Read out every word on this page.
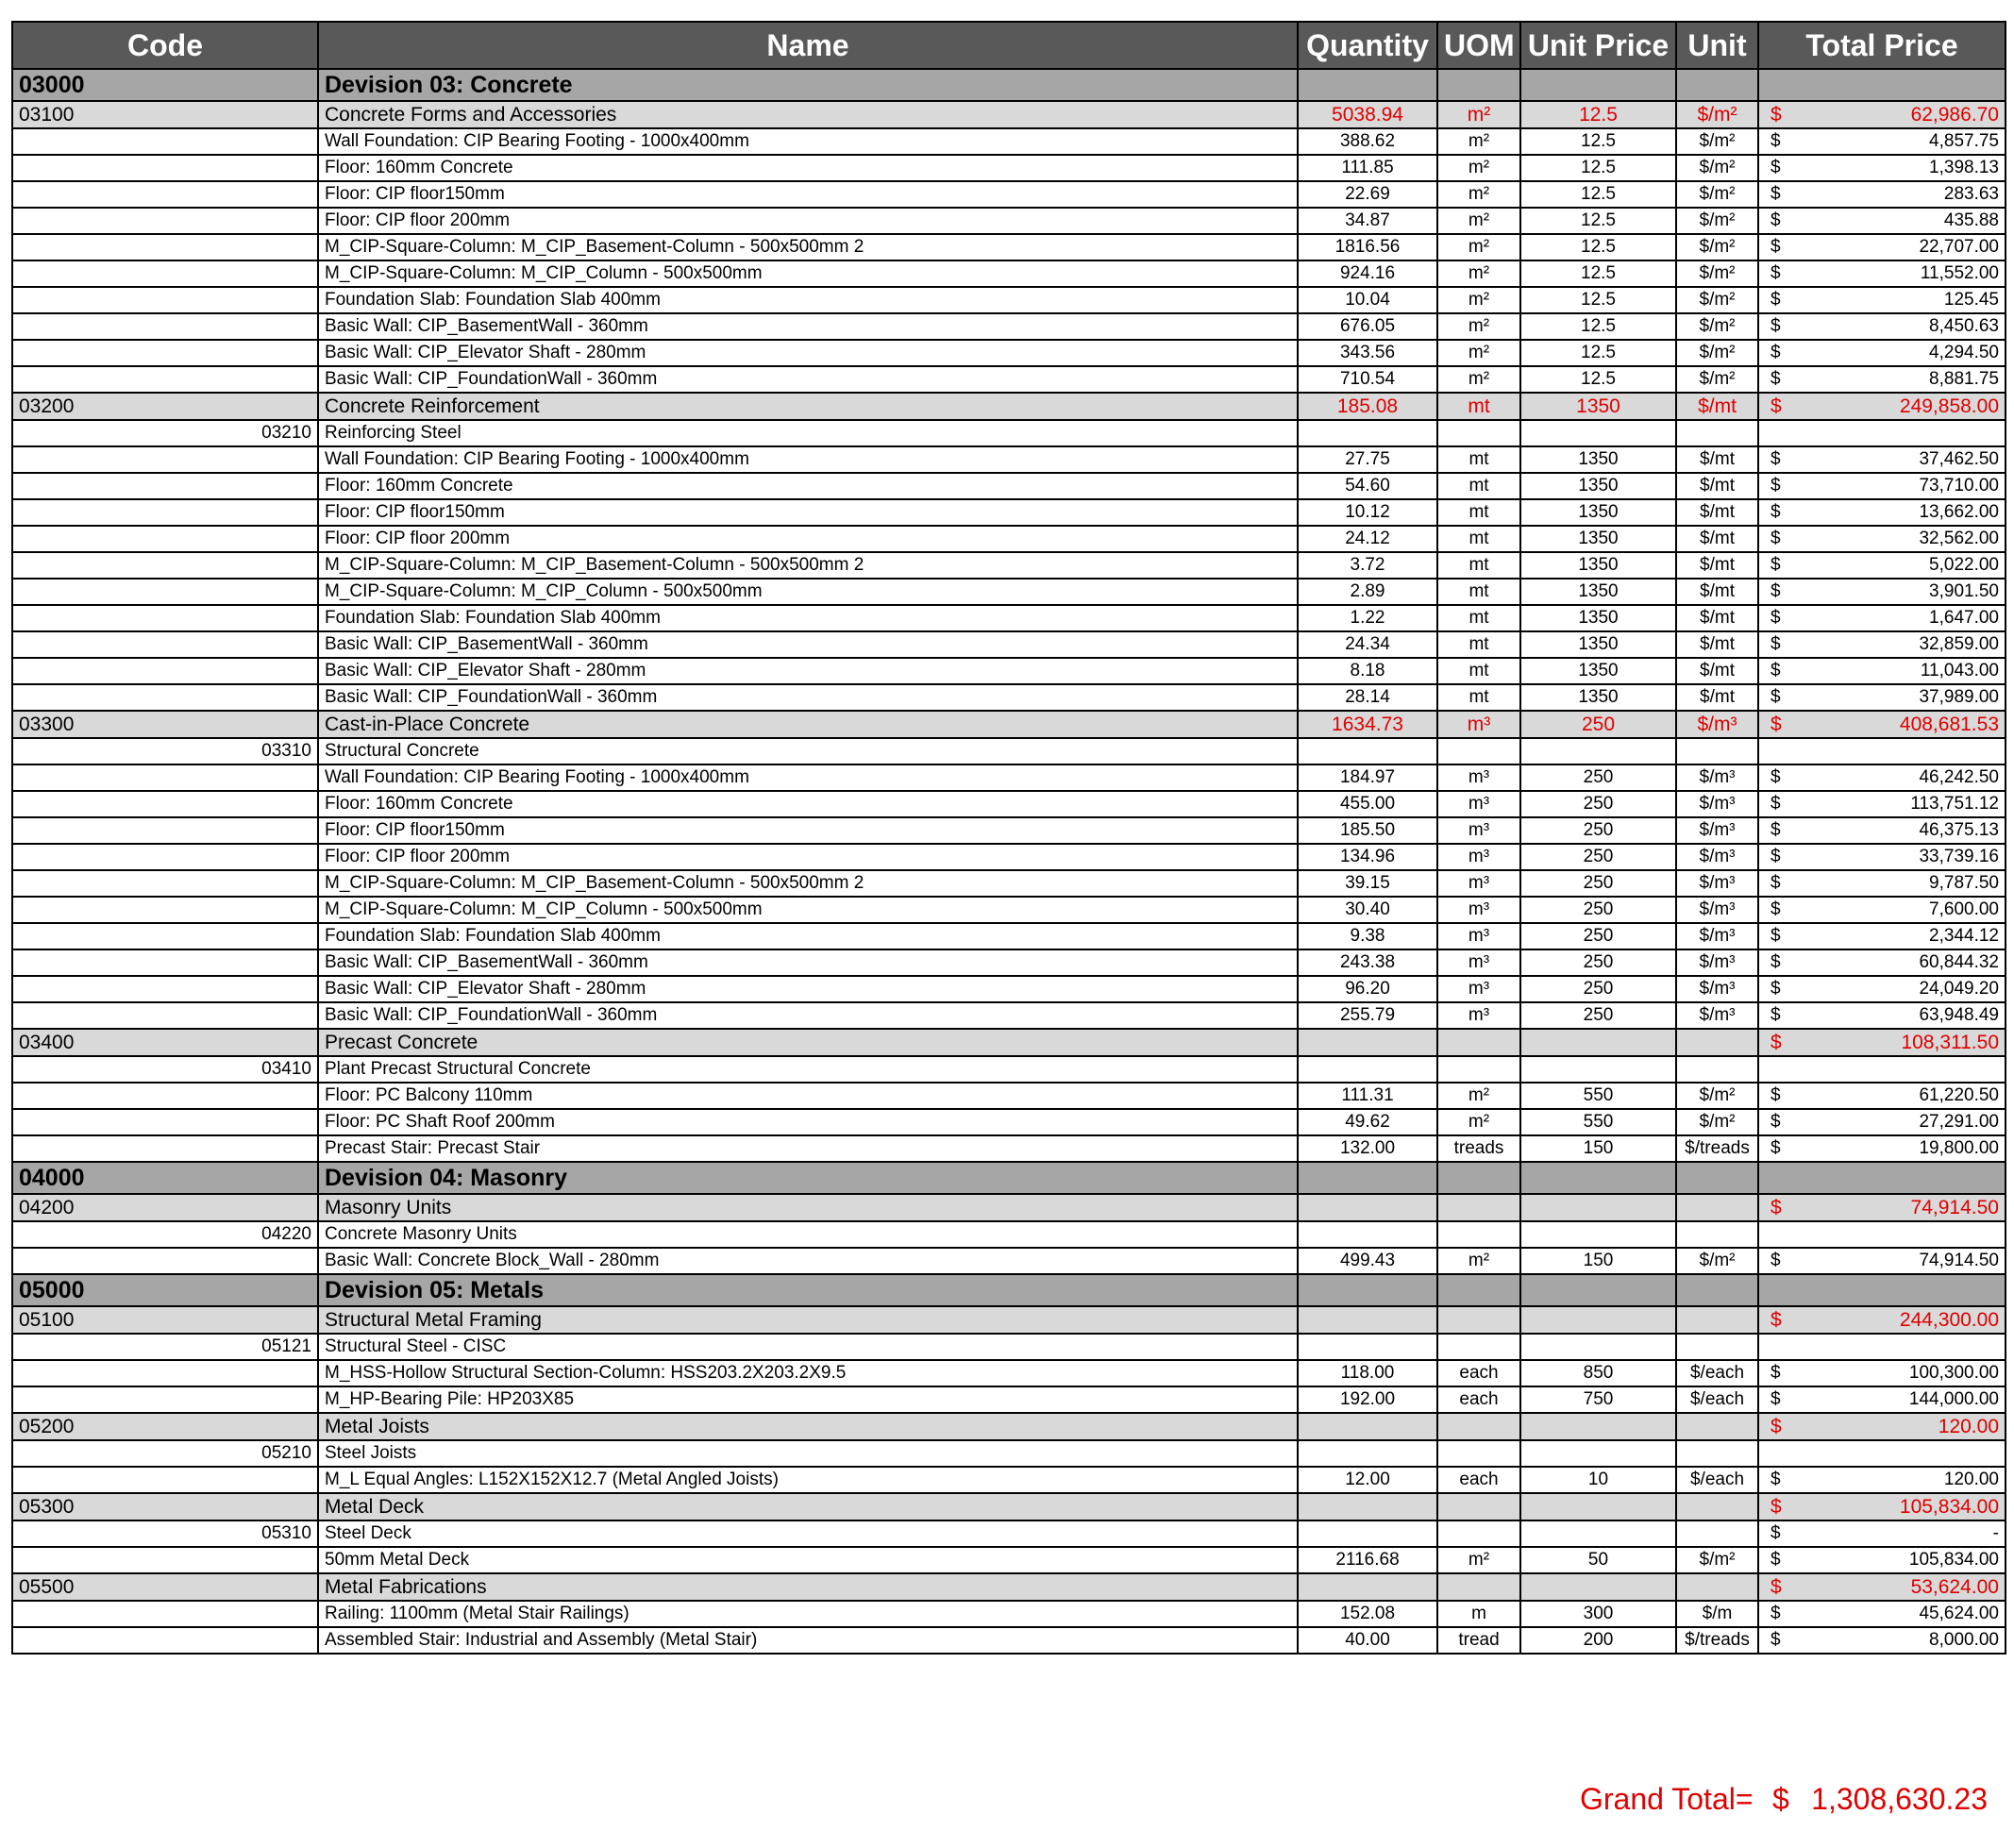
Code	Name	Quantity	UOM	Unit Price	Unit	Total Price
03000	Devision 03: Concrete					
03100	Concrete Forms and Accessories	5038.94	m²	12.5	$/m²	$ 62,986.70
	Wall Foundation: CIP Bearing Footing - 1000x400mm	388.62	m²	12.5	$/m²	$ 4,857.75
	Floor: 160mm Concrete	111.85	m²	12.5	$/m²	$ 1,398.13
	Floor: CIP floor150mm	22.69	m²	12.5	$/m²	$ 283.63
	Floor: CIP floor 200mm	34.87	m²	12.5	$/m²	$ 435.88
	M_CIP-Square-Column: M_CIP_Basement-Column - 500x500mm 2	1816.56	m²	12.5	$/m²	$ 22,707.00
	M_CIP-Square-Column: M_CIP_Column - 500x500mm	924.16	m²	12.5	$/m²	$ 11,552.00
	Foundation Slab: Foundation Slab 400mm	10.04	m²	12.5	$/m²	$ 125.45
	Basic Wall: CIP_BasementWall - 360mm	676.05	m²	12.5	$/m²	$ 8,450.63
	Basic Wall: CIP_Elevator Shaft - 280mm	343.56	m²	12.5	$/m²	$ 4,294.50
	Basic Wall: CIP_FoundationWall - 360mm	710.54	m²	12.5	$/m²	$ 8,881.75
03200	Concrete Reinforcement	185.08	mt	1350	$/mt	$ 249,858.00
03210	Reinforcing Steel					
	Wall Foundation: CIP Bearing Footing - 1000x400mm	27.75	mt	1350	$/mt	$ 37,462.50
	Floor: 160mm Concrete	54.60	mt	1350	$/mt	$ 73,710.00
	Floor: CIP floor150mm	10.12	mt	1350	$/mt	$ 13,662.00
	Floor: CIP floor 200mm	24.12	mt	1350	$/mt	$ 32,562.00
	M_CIP-Square-Column: M_CIP_Basement-Column - 500x500mm 2	3.72	mt	1350	$/mt	$ 5,022.00
	M_CIP-Square-Column: M_CIP_Column - 500x500mm	2.89	mt	1350	$/mt	$ 3,901.50
	Foundation Slab: Foundation Slab 400mm	1.22	mt	1350	$/mt	$ 1,647.00
	Basic Wall: CIP_BasementWall - 360mm	24.34	mt	1350	$/mt	$ 32,859.00
	Basic Wall: CIP_Elevator Shaft - 280mm	8.18	mt	1350	$/mt	$ 11,043.00
	Basic Wall: CIP_FoundationWall - 360mm	28.14	mt	1350	$/mt	$ 37,989.00
03300	Cast-in-Place Concrete	1634.73	m³	250	$/m³	$ 408,681.53
03310	Structural Concrete					
	Wall Foundation: CIP Bearing Footing - 1000x400mm	184.97	m³	250	$/m³	$ 46,242.50
	Floor: 160mm Concrete	455.00	m³	250	$/m³	$ 113,751.12
	Floor: CIP floor150mm	185.50	m³	250	$/m³	$ 46,375.13
	Floor: CIP floor 200mm	134.96	m³	250	$/m³	$ 33,739.16
	M_CIP-Square-Column: M_CIP_Basement-Column - 500x500mm 2	39.15	m³	250	$/m³	$ 9,787.50
	M_CIP-Square-Column: M_CIP_Column - 500x500mm	30.40	m³	250	$/m³	$ 7,600.00
	Foundation Slab: Foundation Slab 400mm	9.38	m³	250	$/m³	$ 2,344.12
	Basic Wall: CIP_BasementWall - 360mm	243.38	m³	250	$/m³	$ 60,844.32
	Basic Wall: CIP_Elevator Shaft - 280mm	96.20	m³	250	$/m³	$ 24,049.20
	Basic Wall: CIP_FoundationWall - 360mm	255.79	m³	250	$/m³	$ 63,948.49
03400	Precast Concrete					$ 108,311.50
03410	Plant Precast Structural Concrete					
	Floor: PC Balcony 110mm	111.31	m²	550	$/m²	$ 61,220.50
	Floor: PC Shaft Roof 200mm	49.62	m²	550	$/m²	$ 27,291.00
	Precast Stair: Precast Stair	132.00	treads	150	$/treads	$ 19,800.00
04000	Devision 04: Masonry					
04200	Masonry Units					$ 74,914.50
04220	Concrete Masonry Units					
	Basic Wall: Concrete Block_Wall - 280mm	499.43	m²	150	$/m²	$ 74,914.50
05000	Devision 05: Metals					
05100	Structural Metal Framing					$ 244,300.00
05121	Structural Steel - CISC					
	M_HSS-Hollow Structural Section-Column: HSS203.2X203.2X9.5	118.00	each	850	$/each	$ 100,300.00
	M_HP-Bearing Pile: HP203X85	192.00	each	750	$/each	$ 144,000.00
05200	Metal Joists					$ 120.00
05210	Steel Joists					
	M_L Equal Angles: L152X152X12.7 (Metal Angled Joists)	12.00	each	10	$/each	$ 120.00
05300	Metal Deck					$ 105,834.00
05310	Steel Deck					$ -
	50mm Metal Deck	2116.68	m²	50	$/m²	$ 105,834.00
05500	Metal Fabrications					$ 53,624.00
	Railing: 1100mm (Metal Stair Railings)	152.08	m	300	$/m	$ 45,624.00
	Assembled Stair: Industrial and Assembly (Metal Stair)	40.00	tread	200	$/treads	$ 8,000.00
Grand Total= $ 1,308,630.23
